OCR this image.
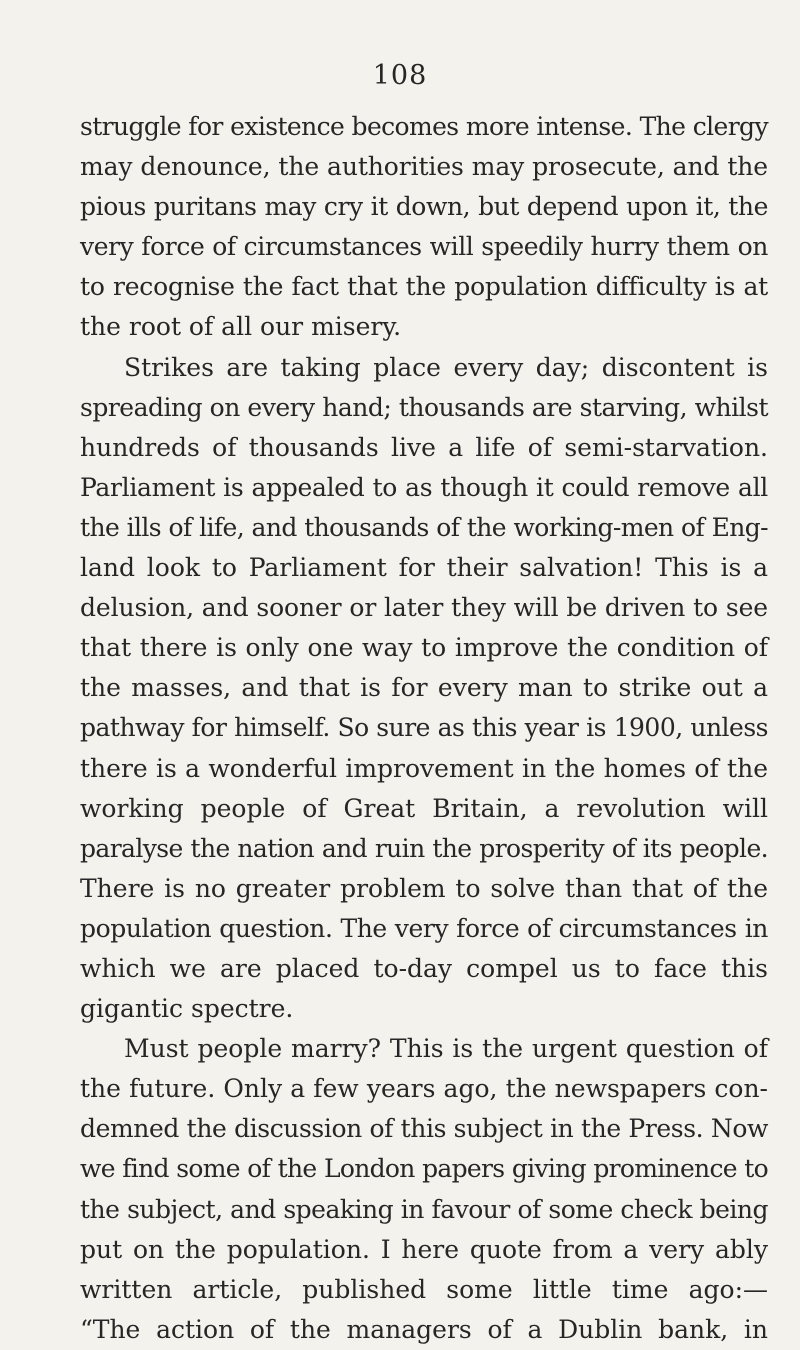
108
struggle for existence becomes more intense. The clergy
may denounce, the authorities may prosecute, and the
pious puritans may cry it down, but depend upon it, the
very force of circumstances will speedily hurry them on
to recognise the fact that the population difficulty is at
the root of all our misery.
Strikes are taking place every day; discontent is
spreading on every hand; thousands are starving, whilst
hundreds of thousands live a life of semi-starvation.
Parliament is appealed to as though it could remove all
the ills of life, and thousands of the working-men of Eng-
land look to Parliament for their salvation! This is a
delusion, and sooner or later they will be driven to see
that there is only one way to improve the condition of
the masses, and that is for every man to strike out a
pathway for himself. So sure as this year is 1900, unless
there is a wonderful improvement in the homes of the
working people of Great Britain, a revolution will
paralyse the nation and ruin the prosperity of its people.
There is no greater problem to solve than that of the
population question. The very force of circumstances in
which we are placed to-day compel us to face this
gigantic spectre.
Must people marry? This is the urgent question of
the future. Only a few years ago, the newspapers con-
demned the discussion of this subject in the Press. Now
we find some of the London papers giving prominence to
the subject, and speaking in favour of some check being
put on the population. I here quote from a very ably
written article, published some little time ago:—
“The action of the managers of a Dublin bank, in
